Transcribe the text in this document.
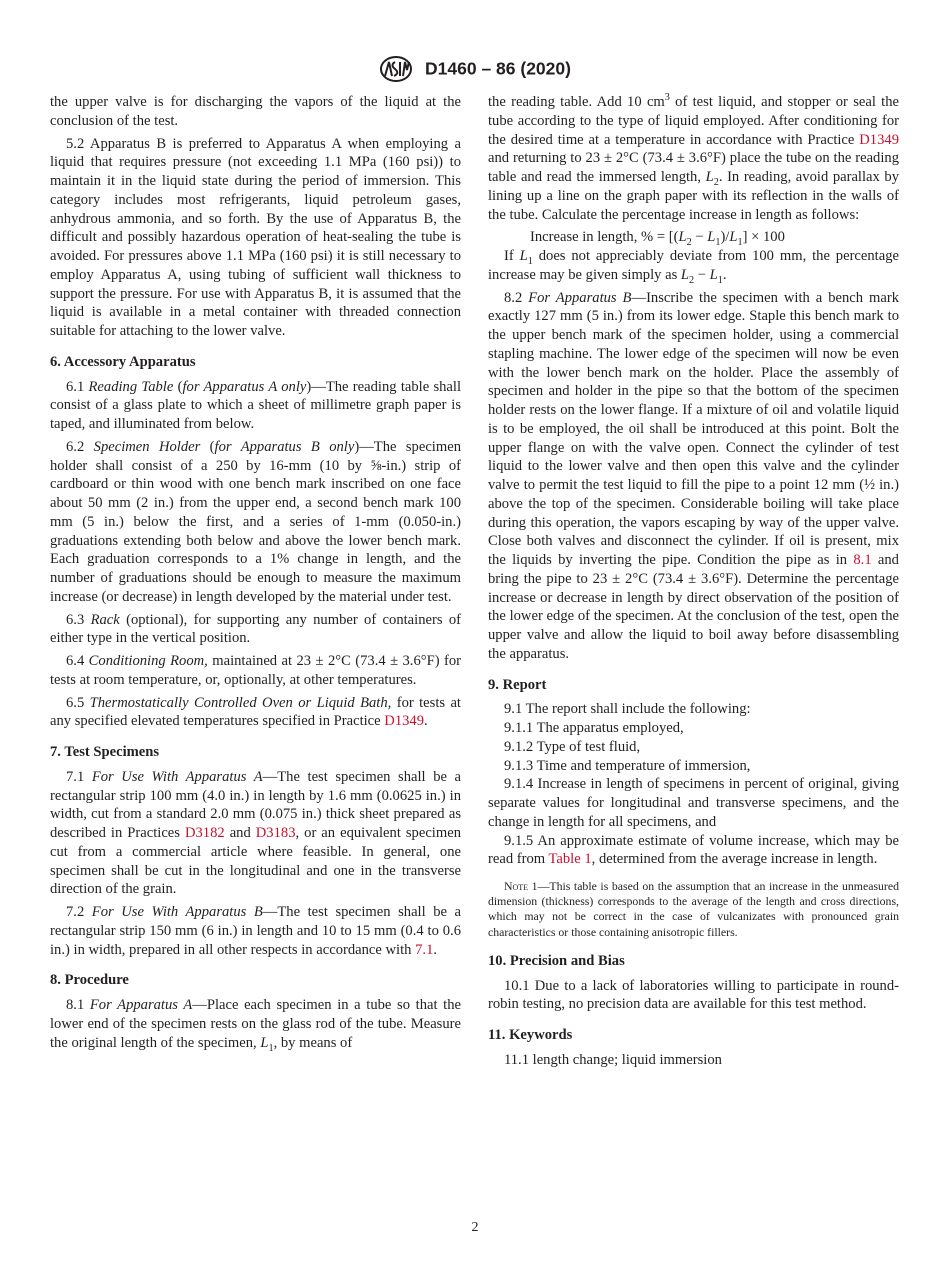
D1460 – 86 (2020)
the upper valve is for discharging the vapors of the liquid at the conclusion of the test.
5.2 Apparatus B is preferred to Apparatus A when employing a liquid that requires pressure (not exceeding 1.1 MPa (160 psi)) to maintain it in the liquid state during the period of immersion. This category includes most refrigerants, liquid petroleum gases, anhydrous ammonia, and so forth. By the use of Apparatus B, the difficult and possibly hazardous operation of heat-sealing the tube is avoided. For pressures above 1.1 MPa (160 psi) it is still necessary to employ Apparatus A, using tubing of sufficient wall thickness to support the pressure. For use with Apparatus B, it is assumed that the liquid is available in a metal container with threaded connection suitable for attaching to the lower valve.
6. Accessory Apparatus
6.1 Reading Table (for Apparatus A only)—The reading table shall consist of a glass plate to which a sheet of millimetre graph paper is taped, and illuminated from below.
6.2 Specimen Holder (for Apparatus B only)—The specimen holder shall consist of a 250 by 16-mm (10 by ⅝-in.) strip of cardboard or thin wood with one bench mark inscribed on one face about 50 mm (2 in.) from the upper end, a second bench mark 100 mm (5 in.) below the first, and a series of 1-mm (0.050-in.) graduations extending both below and above the lower bench mark. Each graduation corresponds to a 1% change in length, and the number of graduations should be enough to measure the maximum increase (or decrease) in length developed by the material under test.
6.3 Rack (optional), for supporting any number of containers of either type in the vertical position.
6.4 Conditioning Room, maintained at 23 ± 2°C (73.4 ± 3.6°F) for tests at room temperature, or, optionally, at other temperatures.
6.5 Thermostatically Controlled Oven or Liquid Bath, for tests at any specified elevated temperatures specified in Practice D1349.
7. Test Specimens
7.1 For Use With Apparatus A—The test specimen shall be a rectangular strip 100 mm (4.0 in.) in length by 1.6 mm (0.0625 in.) in width, cut from a standard 2.0 mm (0.075 in.) thick sheet prepared as described in Practices D3182 and D3183, or an equivalent specimen cut from a commercial article where feasible. In general, one specimen shall be cut in the longitudinal and one in the transverse direction of the grain.
7.2 For Use With Apparatus B—The test specimen shall be a rectangular strip 150 mm (6 in.) in length and 10 to 15 mm (0.4 to 0.6 in.) in width, prepared in all other respects in accordance with 7.1.
8. Procedure
8.1 For Apparatus A—Place each specimen in a tube so that the lower end of the specimen rests on the glass rod of the tube. Measure the original length of the specimen, $L_1$, by means of
the reading table. Add 10 $cm^3$ of test liquid, and stopper or seal the tube according to the type of liquid employed. After conditioning for the desired time at a temperature in accordance with Practice D1349 and returning to 23 ± 2°C (73.4 ± 3.6°F) place the tube on the reading table and read the immersed length, $L_2$. In reading, avoid parallax by lining up a line on the graph paper with its reflection in the walls of the tube. Calculate the percentage increase in length as follows:
Increase in length, % = $[(L_2 - L_1)/L_1] \times 100$
If $L_1$ does not appreciably deviate from 100 mm, the percentage increase may be given simply as $L_2 - L_1$.
8.2 For Apparatus B—Inscribe the specimen with a bench mark exactly 127 mm (5 in.) from its lower edge. Staple this bench mark to the upper bench mark of the specimen holder, using a commercial stapling machine. The lower edge of the specimen will now be even with the lower bench mark on the holder. Place the assembly of specimen and holder in the pipe so that the bottom of the specimen holder rests on the lower flange. If a mixture of oil and volatile liquid is to be employed, the oil shall be introduced at this point. Bolt the upper flange on with the valve open. Connect the cylinder of test liquid to the lower valve and then open this valve and the cylinder valve to permit the test liquid to fill the pipe to a point 12 mm (½ in.) above the top of the specimen. Considerable boiling will take place during this operation, the vapors escaping by way of the upper valve. Close both valves and disconnect the cylinder. If oil is present, mix the liquids by inverting the pipe. Condition the pipe as in 8.1 and bring the pipe to 23 ± 2°C (73.4 ± 3.6°F). Determine the percentage increase or decrease in length by direct observation of the position of the lower edge of the specimen. At the conclusion of the test, open the upper valve and allow the liquid to boil away before disassembling the apparatus.
9. Report
9.1 The report shall include the following:
9.1.1 The apparatus employed,
9.1.2 Type of test fluid,
9.1.3 Time and temperature of immersion,
9.1.4 Increase in length of specimens in percent of original, giving separate values for longitudinal and transverse specimens, and the change in length for all specimens, and
9.1.5 An approximate estimate of volume increase, which may be read from Table 1, determined from the average increase in length.
Note 1—This table is based on the assumption that an increase in the unmeasured dimension (thickness) corresponds to the average of the length and cross directions, which may not be correct in the case of vulcanizates with pronounced grain characteristics or those containing anisotropic fillers.
10. Precision and Bias
10.1 Due to a lack of laboratories willing to participate in round-robin testing, no precision data are available for this test method.
11. Keywords
11.1 length change; liquid immersion
2
